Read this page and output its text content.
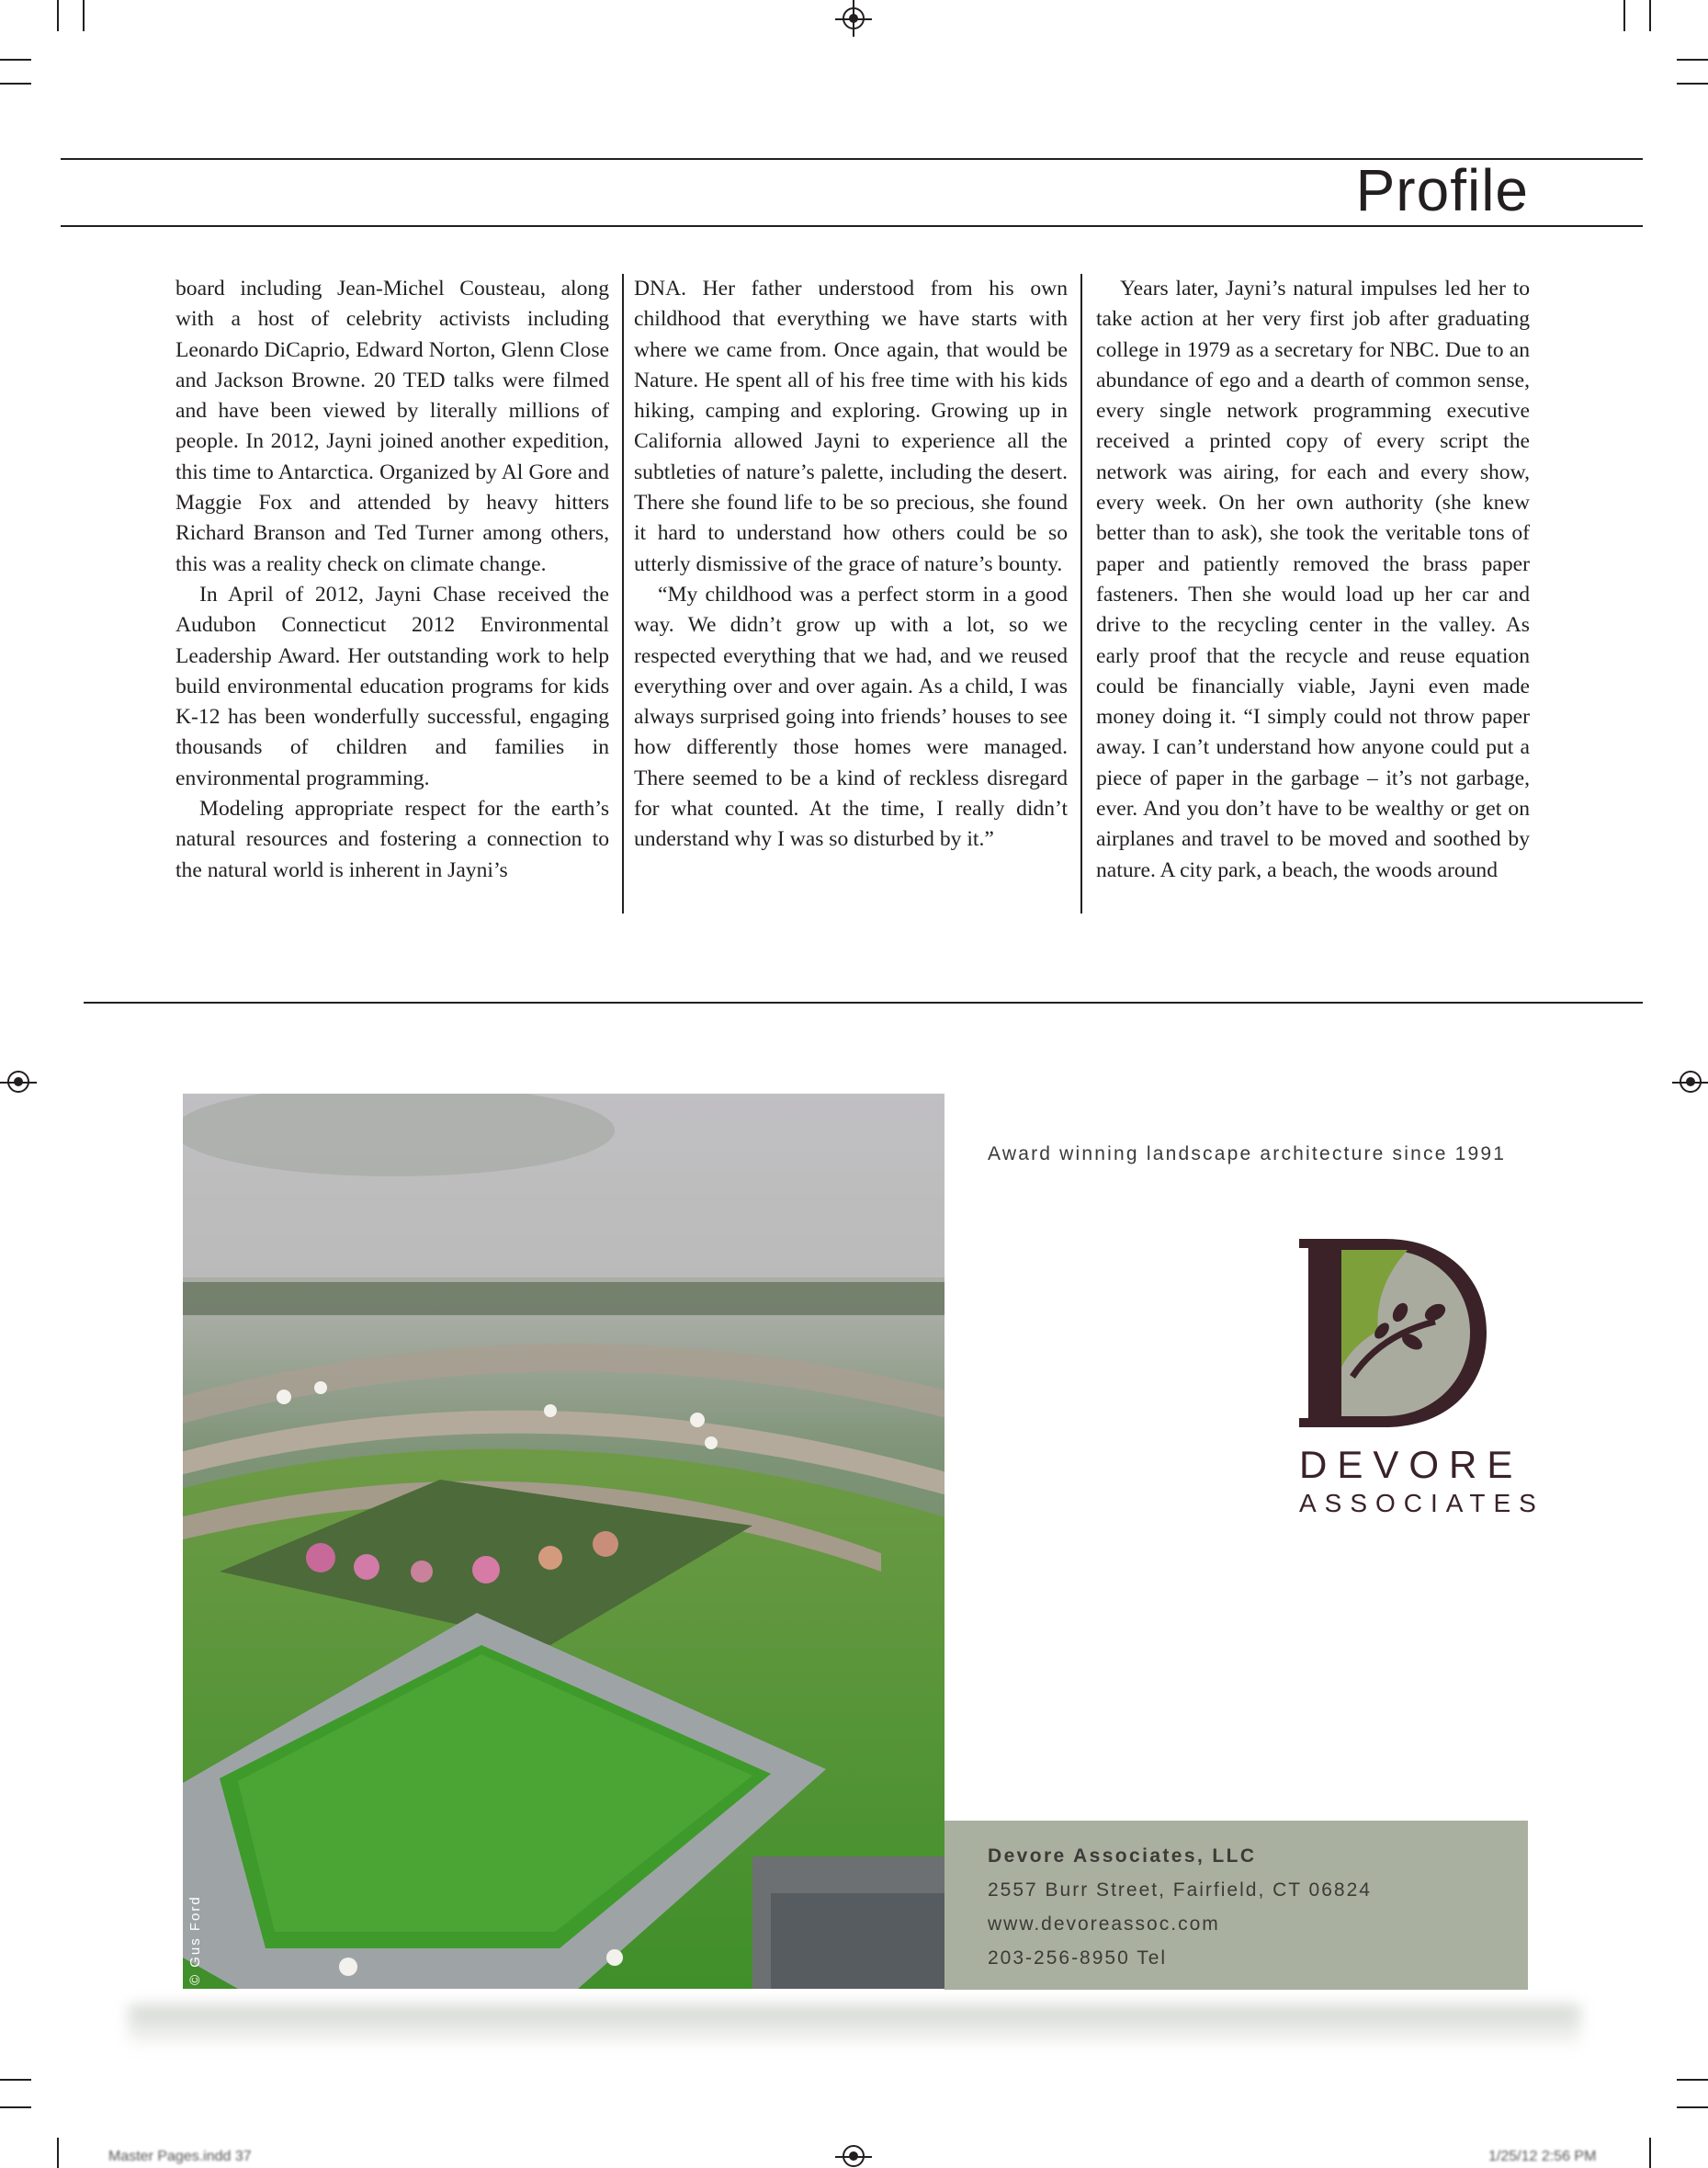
Profile

board including Jean-Michel Cousteau, along with a host of celebrity activists including Leonardo DiCaprio, Edward Norton, Glenn Close and Jackson Browne. 20 TED talks were filmed and have been viewed by literally millions of people. In 2012, Jayni joined another expedition, this time to Antarctica. Organized by Al Gore and Maggie Fox and attended by heavy hitters Richard Branson and Ted Turner among others, this was a reality check on climate change.

In April of 2012, Jayni Chase received the Audubon Connecticut 2012 Environmental Leadership Award. Her outstanding work to help build environmental education programs for kids K-12 has been wonderfully successful, engaging thousands of children and families in environmental programming.

Modeling appropriate respect for the earth’s natural resources and fostering a connection to the natural world is inherent in Jayni’s

DNA. Her father understood from his own childhood that everything we have starts with where we came from. Once again, that would be Nature. He spent all of his free time with his kids hiking, camping and exploring. Growing up in California allowed Jayni to experience all the subtleties of nature’s palette, including the desert. There she found life to be so precious, she found it hard to understand how others could be so utterly dismissive of the grace of nature’s bounty.

“My childhood was a perfect storm in a good way. We didn’t grow up with a lot, so we respected everything that we had, and we reused everything over and over again. As a child, I was always surprised going into friends’ houses to see how differently those homes were managed. There seemed to be a kind of reckless disregard for what counted. At the time, I really didn’t understand why I was so disturbed by it.”

Years later, Jayni’s natural impulses led her to take action at her very first job after graduating college in 1979 as a secretary for NBC. Due to an abundance of ego and a dearth of common sense, every single network programming executive received a printed copy of every script the network was airing, for each and every show, every week. On her own authority (she knew better than to ask), she took the veritable tons of paper and patiently removed the brass paper fasteners. Then she would load up her car and drive to the recycling center in the valley. As early proof that the recycle and reuse equation could be financially viable, Jayni even made money doing it. “I simply could not throw paper away. I can’t understand how anyone could put a piece of paper in the garbage – it’s not garbage, ever. And you don’t have to be wealthy or get on airplanes and travel to be moved and soothed by nature. A city park, a beach, the woods around

© Gus Ford
Award winning landscape architecture since 1991
DEVORE
ASSOCIATES
Devore Associates, LLC
2557 Burr Street, Fairfield, CT 06824
www.devoreassoc.com
203-256-8950 Tel
Master Pages.indd 37	1/25/12 2:56 PM
